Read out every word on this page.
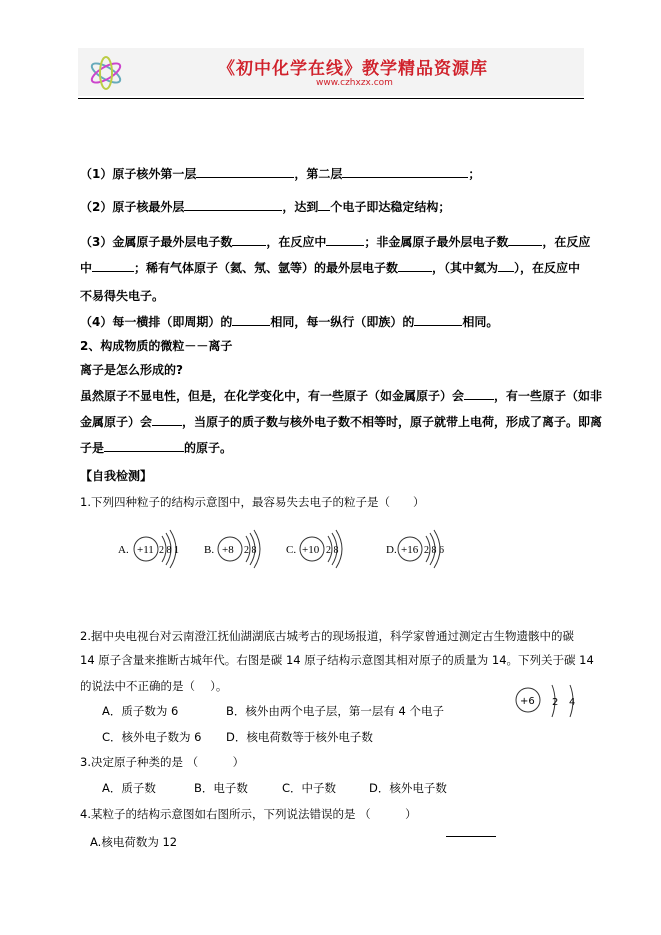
《初中化学在线》教学精品资源库
www.czhxzx.com
（1）原子核外第一层	，第二层	；
（2）原子核最外层	，达到 个电子即达稳定结构；
（3）金属原子最外层电子数	，在反应中	；非金属原子最外层电子数	，在反应
中	；稀有气体原子（氦、氖、氩等）的最外层电子数	，（其中氦为 ），在反应中
不易得失电子。
（4）每一横排（即周期）的	相同，每一纵行（即族）的	相同。
2、构成物质的微粒－－离子
离子是怎么形成的?
虽然原子不显电性，但是，在化学变化中，有一些原子（如金属原子）会	，有一些原子（如非
金属原子）会	，当原子的质子数与核外电子数不相等时，原子就带上电荷，形成了离子。即离
子是	的原子。
【自我检测】
1.下列四种粒子的结构示意图中，最容易失去电子的粒子是（　　）
A. +11 2 8 1 B. +8 2 8	C. +10 2 8	D. +16 2 8 6
2.据中央电视台对云南澄江抚仙湖湖底古城考古的现场报道，科学家曾通过测定古生物遗骸中的碳
14 原子含量来推断古城年代。右图是碳 14 原子结构示意图其相对原子的质量为 14。下列关于碳 14
的说法中不正确的是（　 ）。
A．质子数为 6	B．核外由两个电子层，第一层有 4 个电子
C．核外电子数为 6 D．核电荷数等于核外电子数
+6 2 4
3.决定原子种类的是 （　　　）
A．质子数	B．电子数	C．中子数	D．核外电子数
4.某粒子的结构示意图如右图所示，下列说法错误的是 （　　　）
A.核电荷数为 12
